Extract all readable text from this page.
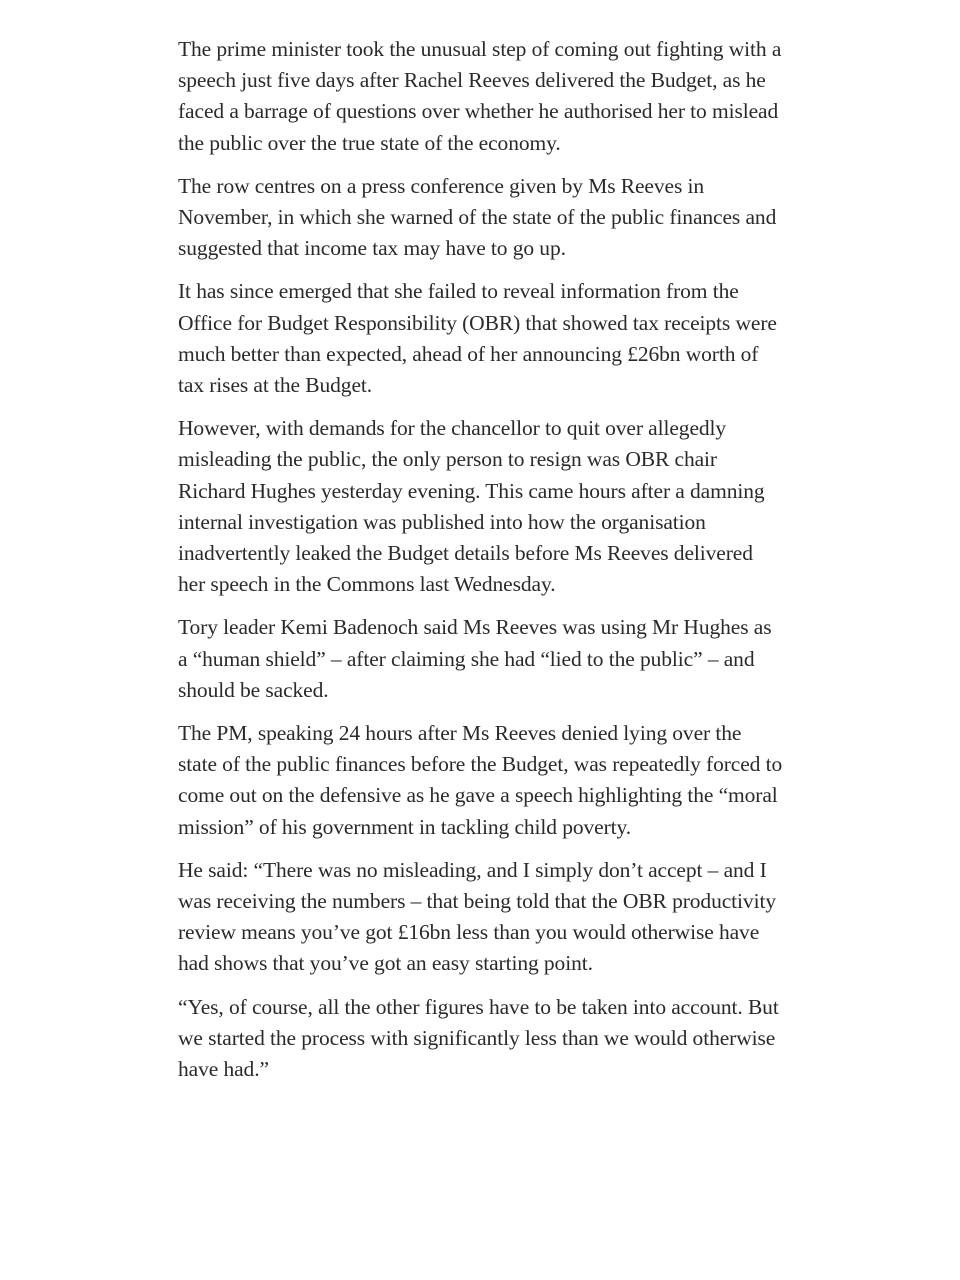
The prime minister took the unusual step of coming out fighting with a speech just five days after Rachel Reeves delivered the Budget, as he faced a barrage of questions over whether he authorised her to mislead the public over the true state of the economy.

The row centres on a press conference given by Ms Reeves in November, in which she warned of the state of the public finances and suggested that income tax may have to go up.

It has since emerged that she failed to reveal information from the Office for Budget Responsibility (OBR) that showed tax receipts were much better than expected, ahead of her announcing £26bn worth of tax rises at the Budget.

However, with demands for the chancellor to quit over allegedly misleading the public, the only person to resign was OBR chair Richard Hughes yesterday evening. This came hours after a damning internal investigation was published into how the organisation inadvertently leaked the Budget details before Ms Reeves delivered her speech in the Commons last Wednesday.

Tory leader Kemi Badenoch said Ms Reeves was using Mr Hughes as a “human shield” – after claiming she had “lied to the public” – and should be sacked.

The PM, speaking 24 hours after Ms Reeves denied lying over the state of the public finances before the Budget, was repeatedly forced to come out on the defensive as he gave a speech highlighting the “moral mission” of his government in tackling child poverty.

He said: “There was no misleading, and I simply don’t accept – and I was receiving the numbers – that being told that the OBR productivity review means you’ve got £16bn less than you would otherwise have had shows that you’ve got an easy starting point.

“Yes, of course, all the other figures have to be taken into account. But we started the process with significantly less than we would otherwise have had.”
